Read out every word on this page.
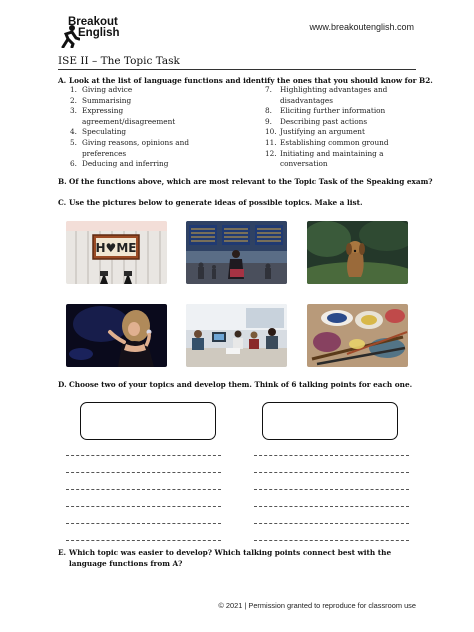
Breakout
English	www.breakoutenglish.com
ISE II – The Topic Task
A. Look at the list of language functions and identify the ones that you should know for B2.
1. Giving advice
2. Summarising
3. Expressing agreement/disagreement
4. Speculating
5. Giving reasons, opinions and preferences
6. Deducing and inferring
7.	Highlighting advantages and disadvantages
8.	Eliciting further information
9.	Describing past actions
10. Justifying an argument
11. Establishing common ground
12. Initiating and maintaining a conversation
B. Of the functions above, which are most relevant to the Topic Task of the Speaking exam?
C. Use the pictures below to generate ideas of possible topics. Make a list.
H♥ME
D. Choose two of your topics and develop them. Think of 6 talking points for each one.
E. Which topic was easier to develop? Which talking points connect best with the language functions from A?
© 2021 | Permission granted to reproduce for classroom use
